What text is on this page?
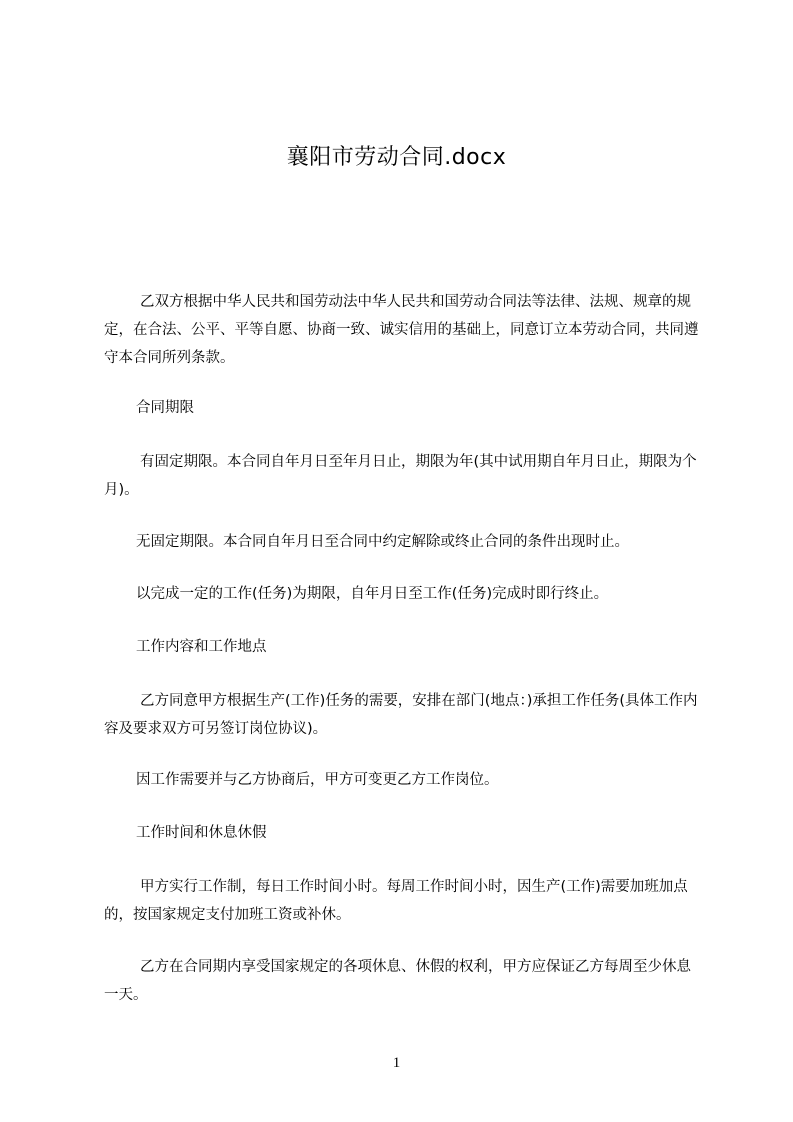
襄阳市劳动合同.docx

乙双方根据中华人民共和国劳动法中华人民共和国劳动合同法等法律、法规、规章的规定，在合法、公平、平等自愿、协商一致、诚实信用的基础上，同意订立本劳动合同，共同遵守本合同所列条款。

合同期限

有固定期限。本合同自年月日至年月日止，期限为年(其中试用期自年月日止，期限为个月)。

无固定期限。本合同自年月日至合同中约定解除或终止合同的条件出现时止。

以完成一定的工作(任务)为期限，自年月日至工作(任务)完成时即行终止。

工作内容和工作地点

乙方同意甲方根据生产(工作)任务的需要，安排在部门(地点：)承担工作任务(具体工作内容及要求双方可另签订岗位协议)。

因工作需要并与乙方协商后，甲方可变更乙方工作岗位。

工作时间和休息休假

甲方实行工作制，每日工作时间小时。每周工作时间小时，因生产(工作)需要加班加点的，按国家规定支付加班工资或补休。

乙方在合同期内享受国家规定的各项休息、休假的权利，甲方应保证乙方每周至少休息一天。

1
